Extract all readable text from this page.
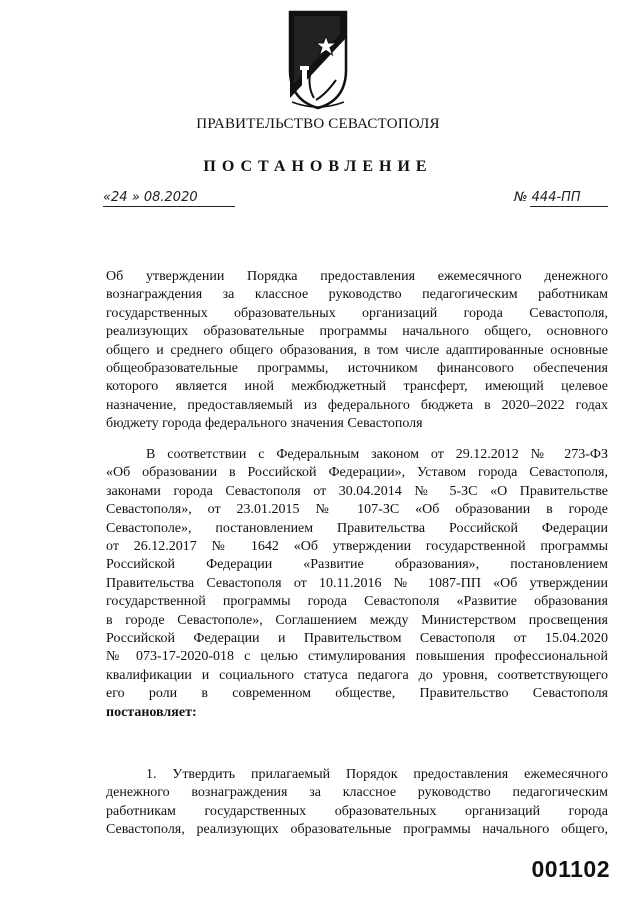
ПРАВИТЕЛЬСТВО СЕВАСТОПОЛЯ
ПОСТАНОВЛЕНИЕ
«24 » 08.2020	№ 444-ПП
Об утверждении Порядка предоставления ежемесячного денежного
вознаграждения за классное руководство педагогическим работникам
государственных образовательных организаций города Севастополя,
реализующих образовательные программы начального общего, основного
общего и среднего общего образования, в том числе адаптированные основные
общеобразовательные программы, источником финансового обеспечения
которого является иной межбюджетный трансферт, имеющий целевое
назначение, предоставляемый из федерального бюджета в 2020–2022 годах
бюджету города федерального значения Севастополя
В соответствии с Федеральным законом от 29.12.2012 № 273-ФЗ
«Об образовании в Российской Федерации», Уставом города Севастополя,
законами города Севастополя от 30.04.2014 № 5-ЗС «О Правительстве
Севастополя», от 23.01.2015 № 107-ЗС «Об образовании в городе
Севастополе», постановлением Правительства Российской Федерации
от 26.12.2017 № 1642 «Об утверждении государственной программы
Российской Федерации «Развитие образования», постановлением
Правительства Севастополя от 10.11.2016 № 1087-ПП «Об утверждении
государственной программы города Севастополя «Развитие образования
в городе Севастополе», Соглашением между Министерством просвещения
Российской Федерации и Правительством Севастополя от 15.04.2020
№ 073-17-2020-018 с целью стимулирования повышения профессиональной
квалификации и социального статуса педагога до уровня, соответствующего
его роли в современном обществе, Правительство Севастополя
постановляет:
1. Утвердить прилагаемый Порядок предоставления ежемесячного
денежного вознаграждения за классное руководство педагогическим
работникам государственных образовательных организаций города
Севастополя, реализующих образовательные программы начального общего,
001102
